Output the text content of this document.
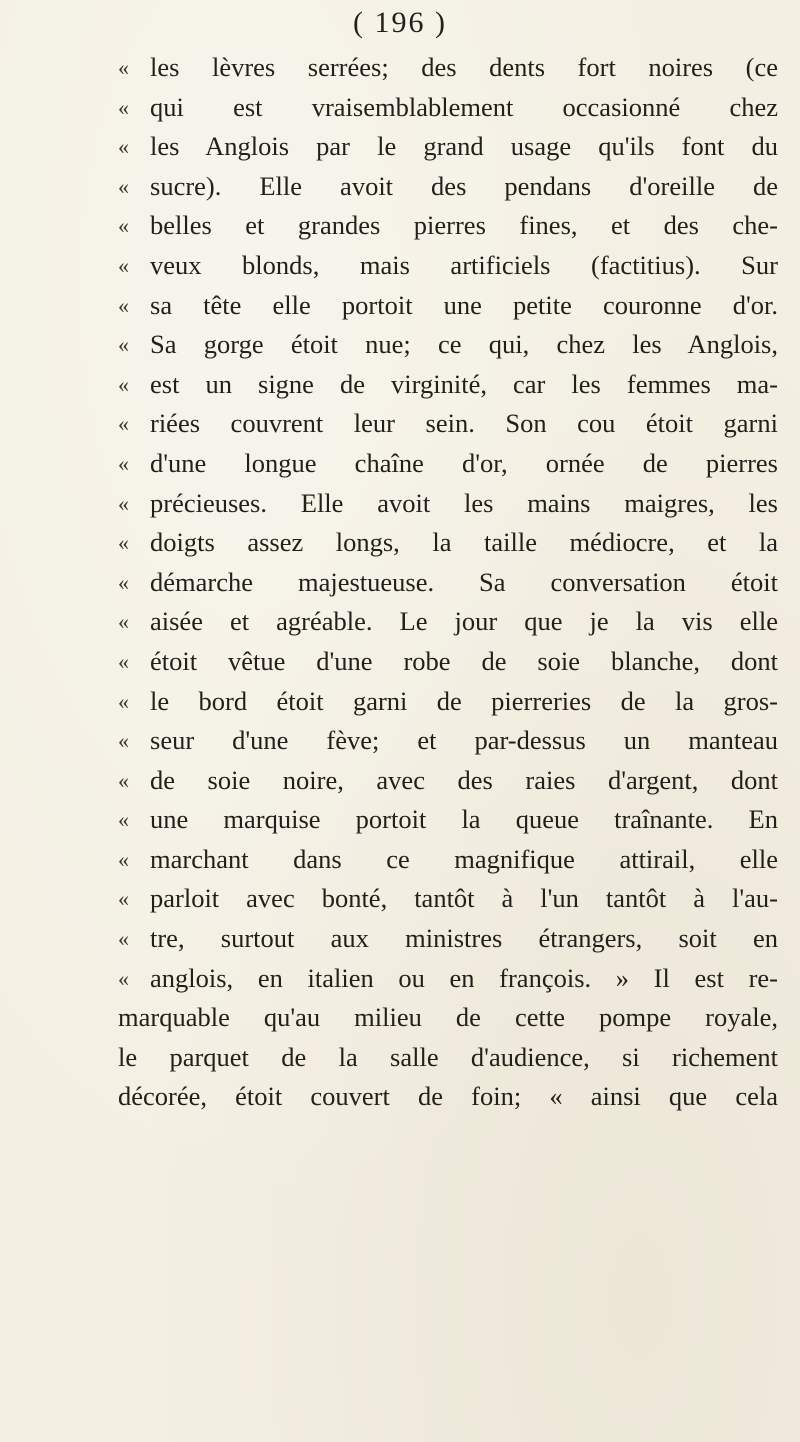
( 196 )
« les lèvres serrées; des dents fort noires (ce
« qui est vraisemblablement occasionné chez
« les Anglois par le grand usage qu'ils font du
« sucre). Elle avoit des pendans d'oreille de
« belles et grandes pierres fines, et des che-
« veux blonds, mais artificiels (factitius). Sur
« sa tête elle portoit une petite couronne d'or.
« Sa gorge étoit nue; ce qui, chez les Anglois,
« est un signe de virginité, car les femmes ma-
« riées couvrent leur sein. Son cou étoit garni
« d'une longue chaîne d'or, ornée de pierres
« précieuses. Elle avoit les mains maigres, les
« doigts assez longs, la taille médiocre, et la
« démarche majestueuse. Sa conversation étoit
« aisée et agréable. Le jour que je la vis elle
« étoit vêtue d'une robe de soie blanche, dont
« le bord étoit garni de pierreries de la gros-
« seur d'une fève; et par-dessus un manteau
« de soie noire, avec des raies d'argent, dont
« une marquise portoit la queue traînante. En
« marchant dans ce magnifique attirail, elle
« parloit avec bonté, tantôt à l'un tantôt à l'au-
« tre, surtout aux ministres étrangers, soit en
« anglois, en italien ou en françois. » Il est re-
marquable qu'au milieu de cette pompe royale,
le parquet de la salle d'audience, si richement
décorée, étoit couvert de foin; « ainsi que cela
